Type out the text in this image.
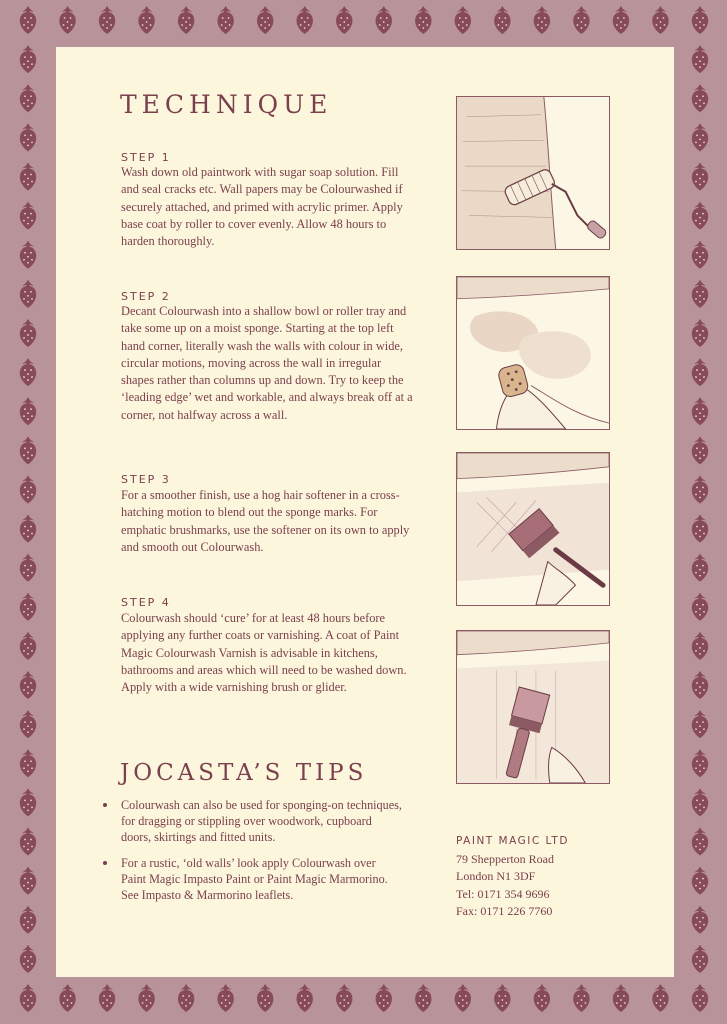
TECHNIQUE
STEP 1

Wash down old paintwork with sugar soap solution. Fill and seal cracks etc. Wall papers may be Colourwashed if securely attached, and primed with acrylic primer. Apply base coat by roller to cover evenly. Allow 48 hours to harden thoroughly.

STEP 2

Decant Colourwash into a shallow bowl or roller tray and take some up on a moist sponge. Starting at the top left hand corner, literally wash the walls with colour in wide, circular motions, moving across the wall in irregular shapes rather than columns up and down. Try to keep the ‘leading edge’ wet and workable, and always break off at a corner, not halfway across a wall.

STEP 3

For a smoother finish, use a hog hair softener in a cross-hatching motion to blend out the sponge marks. For emphatic brushmarks, use the softener on its own to apply and smooth out Colourwash.

STEP 4

Colourwash should ‘cure’ for at least 48 hours before applying any further coats or varnishing. A coat of Paint Magic Colourwash Varnish is advisable in kitchens, bathrooms and areas which will need to be washed down. Apply with a wide varnishing brush or glider.

JOCASTA’S TIPS
Colourwash can also be used for sponging-on techniques, for dragging or stippling over woodwork, cupboard doors, skirtings and fitted units.
For a rustic, ‘old walls’ look apply Colourwash over Paint Magic Impasto Paint or Paint Magic Marmorino. See Impasto & Marmorino leaflets.
PAINT MAGIC LTD
79 Shepperton Road
London N1 3DF
Tel: 0171 354 9696
Fax: 0171 226 7760
